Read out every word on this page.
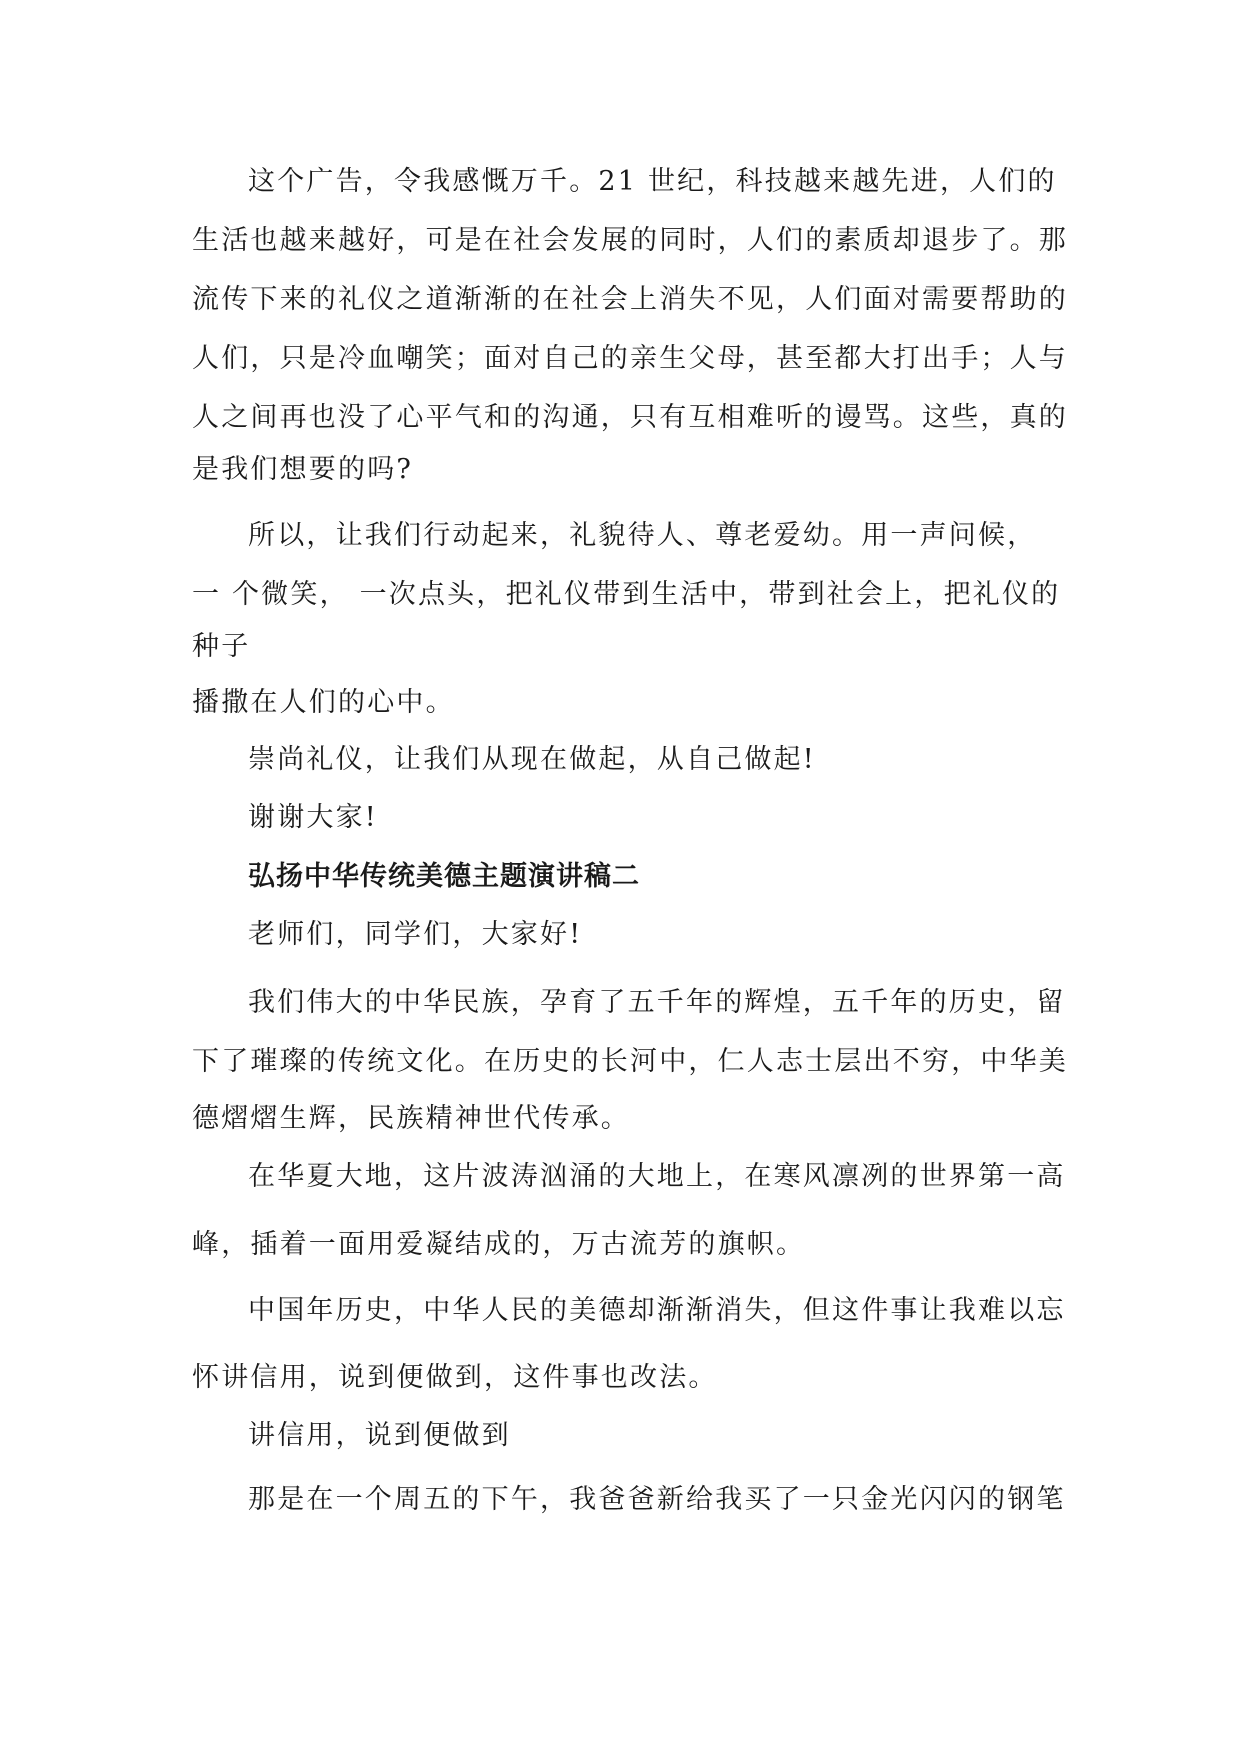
这个广告，令我感慨万千。21 世纪，科技越来越先进，人们的
生活也越来越好，可是在社会发展的同时，人们的素质却退步了。那
流传下来的礼仪之道渐渐的在社会上消失不见，人们面对需要帮助的
人们，只是冷血嘲笑；面对自己的亲生父母，甚至都大打出手；人与
人之间再也没了心平气和的沟通，只有互相难听的谩骂。这些，真的
是我们想要的吗?
所以，让我们行动起来，礼貌待人、尊老爱幼。用一声问候，
一 个微笑， 一次点头，把礼仪带到生活中，带到社会上，把礼仪的
种子
播撒在人们的心中。
崇尚礼仪，让我们从现在做起，从自己做起!
谢谢大家!
弘扬中华传统美德主题演讲稿二
老师们，同学们，大家好!
我们伟大的中华民族，孕育了五千年的辉煌，五千年的历史，留
下了璀璨的传统文化。在历史的长河中，仁人志士层出不穷，中华美
德熠熠生辉，民族精神世代传承。
在华夏大地，这片波涛汹涌的大地上，在寒风凛冽的世界第一高
峰，插着一面用爱凝结成的，万古流芳的旗帜。
中国年历史，中华人民的美德却渐渐消失，但这件事让我难以忘
怀讲信用，说到便做到，这件事也改法。
讲信用，说到便做到
那是在一个周五的下午，我爸爸新给我买了一只金光闪闪的钢笔
